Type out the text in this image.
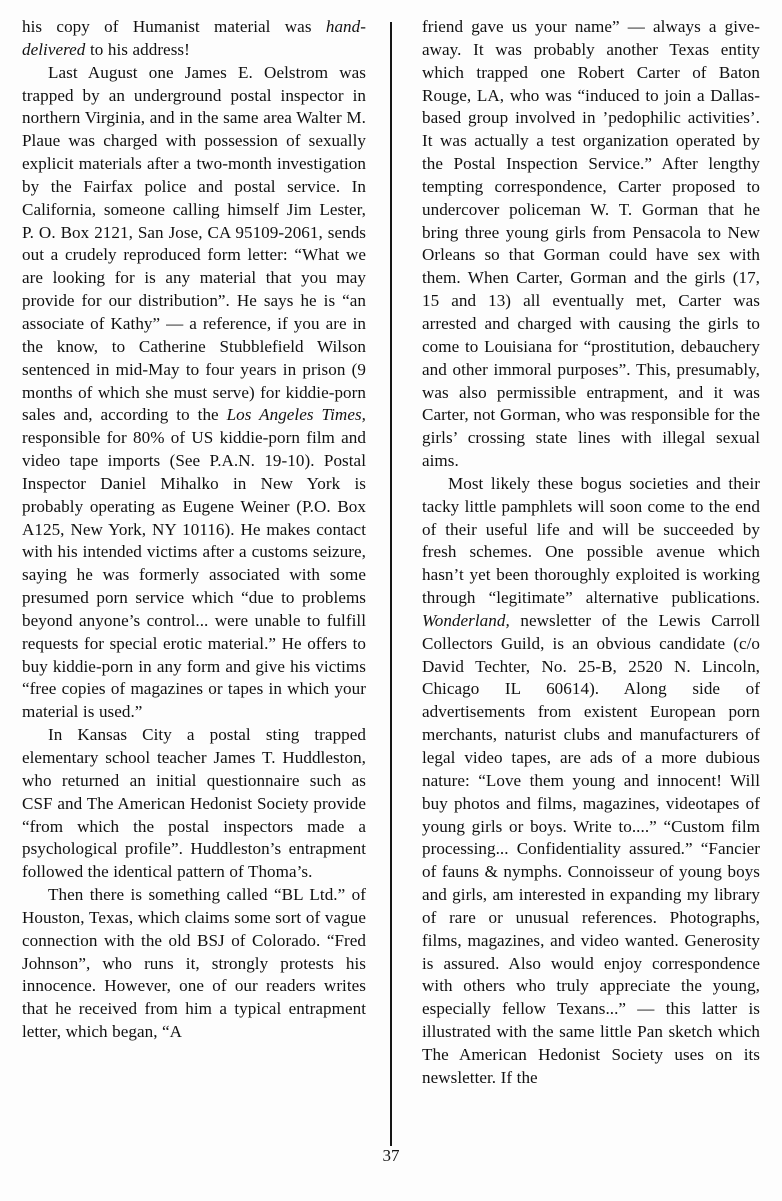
his copy of Humanist material was hand-delivered to his address!

Last August one James E. Oelstrom was trapped by an underground postal inspector in northern Virginia, and in the same area Walter M. Plaue was charged with possession of sexually explicit materials after a two-month investigation by the Fairfax police and postal service. In California, someone calling himself Jim Lester, P. O. Box 2121, San Jose, CA 95109-2061, sends out a crudely reproduced form letter: “What we are looking for is any material that you may provide for our distribution”. He says he is “an associate of Kathy” — a reference, if you are in the know, to Catherine Stubblefield Wilson sentenced in mid-May to four years in prison (9 months of which she must serve) for kiddie-porn sales and, according to the Los Angeles Times, responsible for 80% of US kiddie-porn film and video tape imports (See P.A.N. 19-10). Postal Inspector Daniel Mihalko in New York is probably operating as Eugene Weiner (P.O. Box A125, New York, NY 10116). He makes contact with his intended victims after a customs seizure, saying he was formerly associated with some presumed porn service which “due to problems beyond anyone’s control... were unable to fulfill requests for special erotic material.” He offers to buy kiddie-porn in any form and give his victims “free copies of magazines or tapes in which your material is used.”

In Kansas City a postal sting trapped elementary school teacher James T. Huddleston, who returned an initial questionnaire such as CSF and The American Hedonist Society provide “from which the postal inspectors made a psychological profile”. Huddleston’s entrapment followed the identical pattern of Thoma’s.

Then there is something called “BL Ltd.” of Houston, Texas, which claims some sort of vague connection with the old BSJ of Colorado. “Fred Johnson”, who runs it, strongly protests his innocence. However, one of our readers writes that he received from him a typical entrapment letter, which began, “A

friend gave us your name” — always a give-away. It was probably another Texas entity which trapped one Robert Carter of Baton Rouge, LA, who was “induced to join a Dallas-based group involved in ’pedophilic activities’. It was actually a test organization operated by the Postal Inspection Service.” After lengthy tempting correspondence, Carter proposed to undercover policeman W. T. Gorman that he bring three young girls from Pensacola to New Orleans so that Gorman could have sex with them. When Carter, Gorman and the girls (17, 15 and 13) all eventually met, Carter was arrested and charged with causing the girls to come to Louisiana for “prostitution, debauchery and other immoral purposes”. This, presumably, was also permissible entrapment, and it was Carter, not Gorman, who was responsible for the girls’ crossing state lines with illegal sexual aims.

Most likely these bogus societies and their tacky little pamphlets will soon come to the end of their useful life and will be succeeded by fresh schemes. One possible avenue which hasn’t yet been thoroughly exploited is working through “legitimate” alternative publications. Wonderland, newsletter of the Lewis Carroll Collectors Guild, is an obvious candidate (c/o David Techter, No. 25-B, 2520 N. Lincoln, Chicago IL 60614). Along side of advertisements from existent European porn merchants, naturist clubs and manufacturers of legal video tapes, are ads of a more dubious nature: “Love them young and innocent! Will buy photos and films, magazines, videotapes of young girls or boys. Write to....” “Custom film processing... Confidentiality assured.” “Fancier of fauns & nymphs. Connoisseur of young boys and girls, am interested in expanding my library of rare or unusual references. Photographs, films, magazines, and video wanted. Generosity is assured. Also would enjoy correspondence with others who truly appreciate the young, especially fellow Texans...” — this latter is illustrated with the same little Pan sketch which The American Hedonist Society uses on its newsletter. If the

37
